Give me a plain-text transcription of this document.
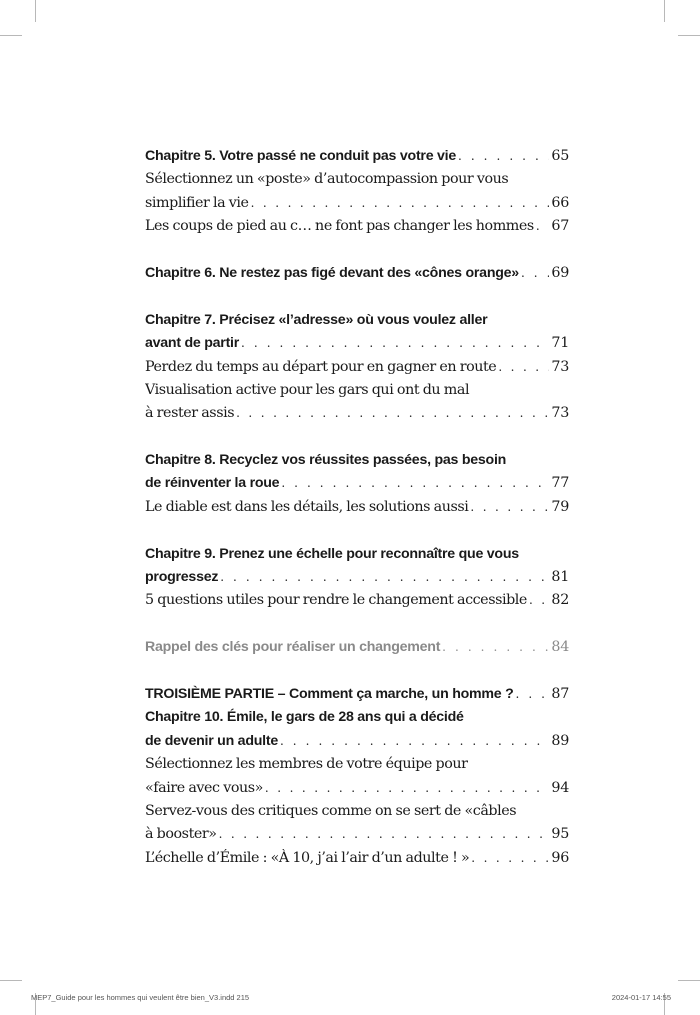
Chapitre 5. Votre passé ne conduit pas votre vie . . .	65
Sélectionnez un «poste» d’autocompassion pour vous
simplifier la vie . . .	66
Les coups de pied au c… ne font pas changer les hommes . . . 67
Chapitre 6. Ne restez pas figé devant des «cônes orange» . . . 69
Chapitre 7. Précisez «l’adresse» où vous voulez aller
avant de partir . . .	71
Perdez du temps au départ pour en gagner en route . . .	73
Visualisation active pour les gars qui ont du mal
à rester assis . . .	73
Chapitre 8. Recyclez vos réussites passées, pas besoin
de réinventer la roue . . .	77
Le diable est dans les détails, les solutions aussi . . .	79
Chapitre 9. Prenez une échelle pour reconnaître que vous
progressez . . .	81
5 questions utiles pour rendre le changement accessible . . . 82
Rappel des clés pour réaliser un changement . . .	84
TROISIÈME PARTIE – Comment ça marche, un homme ? . . .	87
Chapitre 10. Émile, le gars de 28 ans qui a décidé
de devenir un adulte . . .	89
Sélectionnez les membres de votre équipe pour
«faire avec vous» . . .	94
Servez-vous des critiques comme on se sert de «câbles
à booster» . . .	95
L’échelle d’Émile : «À 10, j’ai l’air d’un adulte ! » . . .	96
MEP7_Guide pour les hommes qui veulent être bien_V3.indd 215	2024-01-17 14:55
